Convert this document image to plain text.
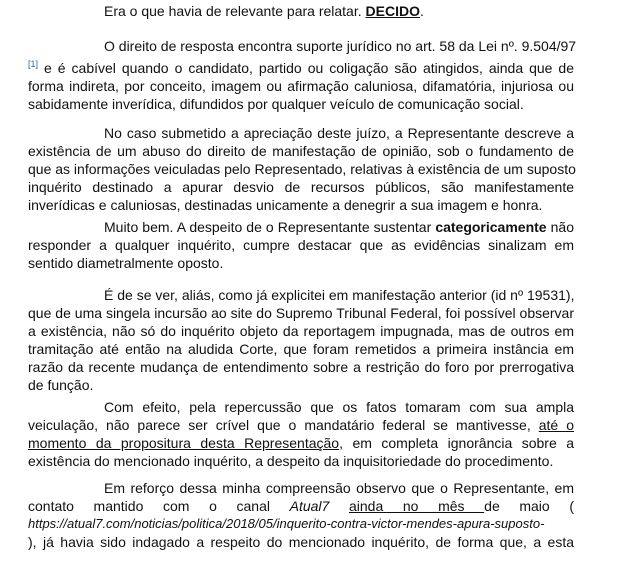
Era o que havia de relevante para relatar. DECIDO.

O direito de resposta encontra suporte jurídico no art. 58 da Lei nº. 9.504/97
[1] e é cabível quando o candidato, partido ou coligação são atingidos, ainda que de
forma indireta, por conceito, imagem ou afirmação caluniosa, difamatória, injuriosa ou
sabidamente inverídica, difundidos por qualquer veículo de comunicação social.

No caso submetido a apreciação deste juízo, a Representante descreve a
existência de um abuso do direito de manifestação de opinião, sob o fundamento de
que as informações veiculadas pelo Representado, relativas à existência de um suposto
inquérito destinado a apurar desvio de recursos públicos, são manifestamente
inverídicas e caluniosas, destinadas unicamente a denegrir a sua imagem e honra.

Muito bem. A despeito de o Representante sustentar categoricamente não
responder a qualquer inquérito, cumpre destacar que as evidências sinalizam em
sentido diametralmente oposto.

É de se ver, aliás, como já explicitei em manifestação anterior (id nº 19531),
que de uma singela incursão ao site do Supremo Tribunal Federal, foi possível observar
a existência, não só do inquérito objeto da reportagem impugnada, mas de outros em
tramitação até então na aludida Corte, que foram remetidos a primeira instância em
razão da recente mudança de entendimento sobre a restrição do foro por prerrogativa
de função.

Com efeito, pela repercussão que os fatos tomaram com sua ampla
veiculação, não parece ser crível que o mandatário federal se mantivesse, até o
momento da propositura desta Representação, em completa ignorância sobre a
existência do mencionado inquérito, a despeito da inquisitoriedade do procedimento.

Em reforço dessa minha compreensão observo que o Representante, em
contato mantido com o canal Atual7 ainda no mês de maio (
https://atual7.com/noticias/politica/2018/05/inquerito-contra-victor-mendes-apura-suposto-
), já havia sido indagado a respeito do mencionado inquérito, de forma que, a esta
